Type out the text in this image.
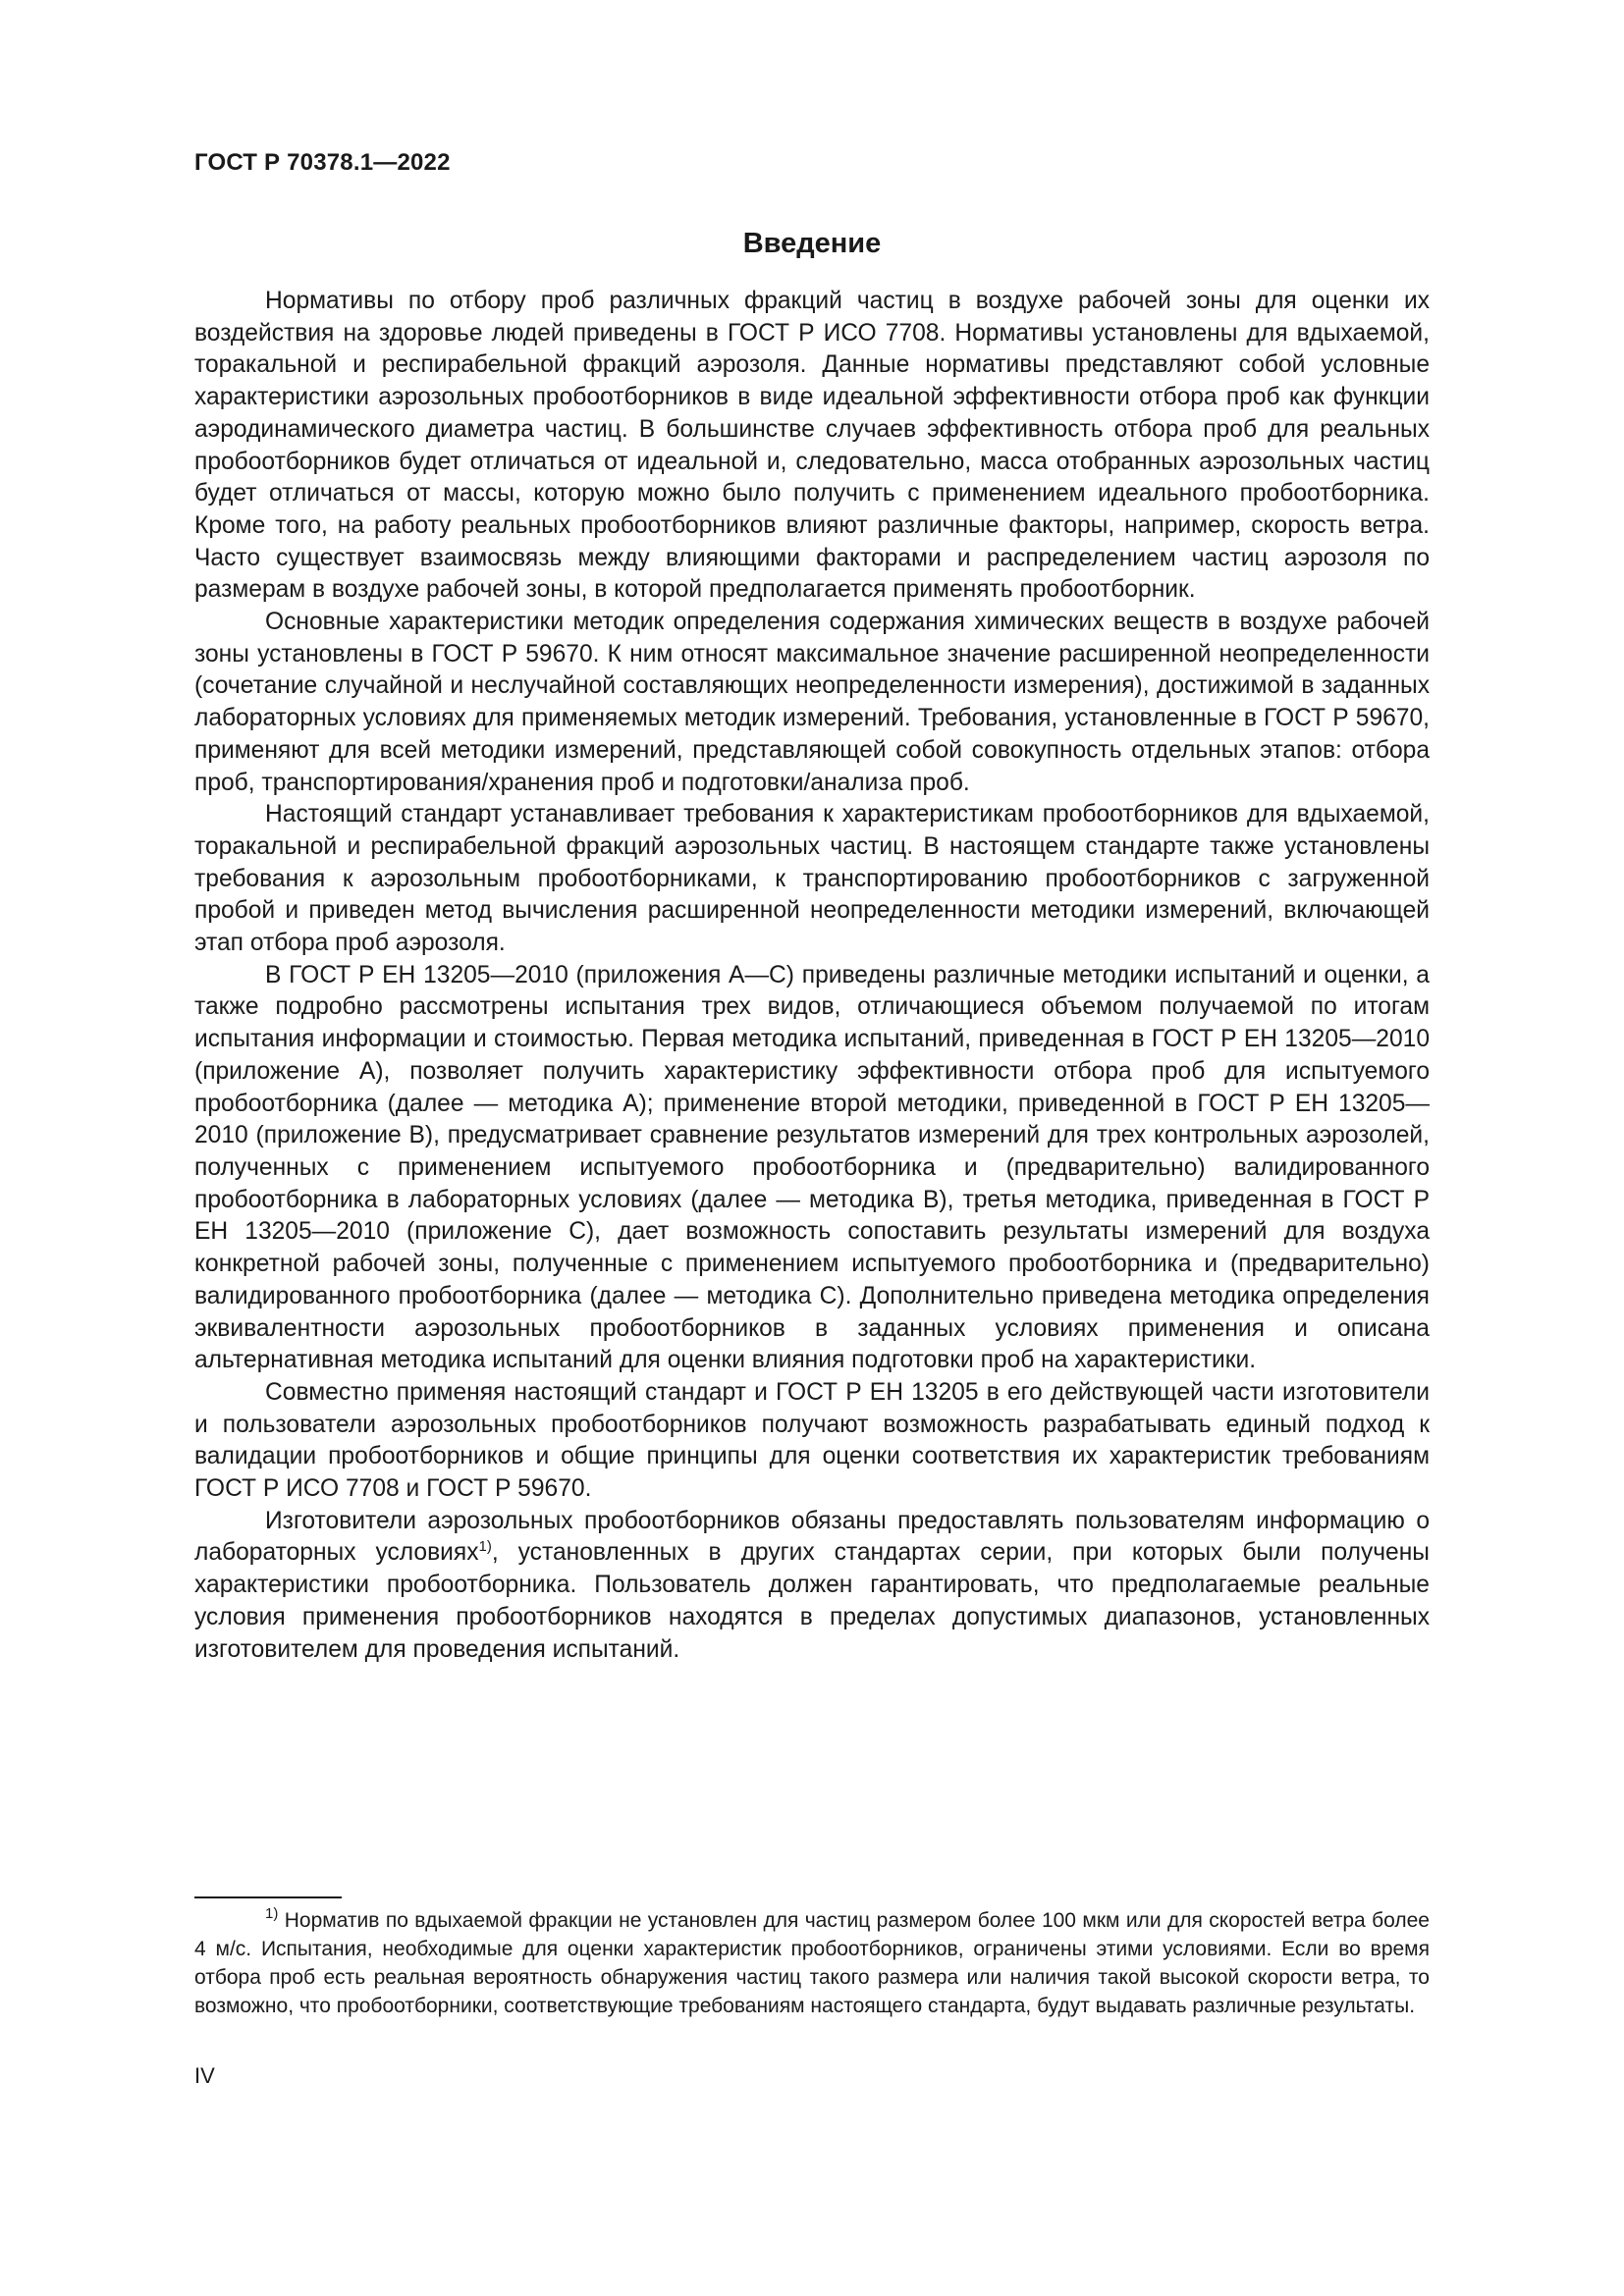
ГОСТ Р 70378.1—2022
Введение

Нормативы по отбору проб различных фракций частиц в воздухе рабочей зоны для оценки их воздействия на здоровье людей приведены в ГОСТ Р ИСО 7708. Нормативы установлены для вдыхаемой, торакальной и респирабельной фракций аэрозоля. Данные нормативы представляют собой условные характеристики аэрозольных пробоотборников в виде идеальной эффективности отбора проб как функции аэродинамического диаметра частиц. В большинстве случаев эффективность отбора проб для реальных пробоотборников будет отличаться от идеальной и, следовательно, масса отобранных аэрозольных частиц будет отличаться от массы, которую можно было получить с применением идеального пробоотборника. Кроме того, на работу реальных пробоотборников влияют различные факторы, например, скорость ветра. Часто существует взаимосвязь между влияющими факторами и распределением частиц аэрозоля по размерам в воздухе рабочей зоны, в которой предполагается применять пробоотборник.

Основные характеристики методик определения содержания химических веществ в воздухе рабочей зоны установлены в ГОСТ Р 59670. К ним относят максимальное значение расширенной неопределенности (сочетание случайной и неслучайной составляющих неопределенности измерения), достижимой в заданных лабораторных условиях для применяемых методик измерений. Требования, установленные в ГОСТ Р 59670, применяют для всей методики измерений, представляющей собой совокупность отдельных этапов: отбора проб, транспортирования/хранения проб и подготовки/анализа проб.

Настоящий стандарт устанавливает требования к характеристикам пробоотборников для вдыхаемой, торакальной и респирабельной фракций аэрозольных частиц. В настоящем стандарте также установлены требования к аэрозольным пробоотборниками, к транспортированию пробоотборников с загруженной пробой и приведен метод вычисления расширенной неопределенности методики измерений, включающей этап отбора проб аэрозоля.

В ГОСТ Р ЕН 13205—2010 (приложения А—С) приведены различные методики испытаний и оценки, а также подробно рассмотрены испытания трех видов, отличающиеся объемом получаемой по итогам испытания информации и стоимостью. Первая методика испытаний, приведенная в ГОСТ Р ЕН 13205—2010 (приложение А), позволяет получить характеристику эффективности отбора проб для испытуемого пробоотборника (далее — методика А); применение второй методики, приведенной в ГОСТ Р ЕН 13205—2010 (приложение В), предусматривает сравнение результатов измерений для трех контрольных аэрозолей, полученных с применением испытуемого пробоотборника и (предварительно) валидированного пробоотборника в лабораторных условиях (далее — методика В), третья методика, приведенная в ГОСТ Р ЕН 13205—2010 (приложение С), дает возможность сопоставить результаты измерений для воздуха конкретной рабочей зоны, полученные с применением испытуемого пробоотборника и (предварительно) валидированного пробоотборника (далее — методика С). Дополнительно приведена методика определения эквивалентности аэрозольных пробоотборников в заданных условиях применения и описана альтернативная методика испытаний для оценки влияния подготовки проб на характеристики.

Совместно применяя настоящий стандарт и ГОСТ Р ЕН 13205 в его действующей части изготовители и пользователи аэрозольных пробоотборников получают возможность разрабатывать единый подход к валидации пробоотборников и общие принципы для оценки соответствия их характеристик требованиям ГОСТ Р ИСО 7708 и ГОСТ Р 59670.

Изготовители аэрозольных пробоотборников обязаны предоставлять пользователям информацию о лабораторных условиях$^{1)}$, установленных в других стандартах серии, при которых были получены характеристики пробоотборника. Пользователь должен гарантировать, что предполагаемые реальные условия применения пробоотборников находятся в пределах допустимых диапазонов, установленных изготовителем для проведения испытаний.

$^{1)}$ Норматив по вдыхаемой фракции не установлен для частиц размером более 100 мкм или для скоростей ветра более 4 м/с. Испытания, необходимые для оценки характеристик пробоотборников, ограничены этими условиями. Если во время отбора проб есть реальная вероятность обнаружения частиц такого размера или наличия такой высокой скорости ветра, то возможно, что пробоотборники, соответствующие требованиям настоящего стандарта, будут выдавать различные результаты.

IV
